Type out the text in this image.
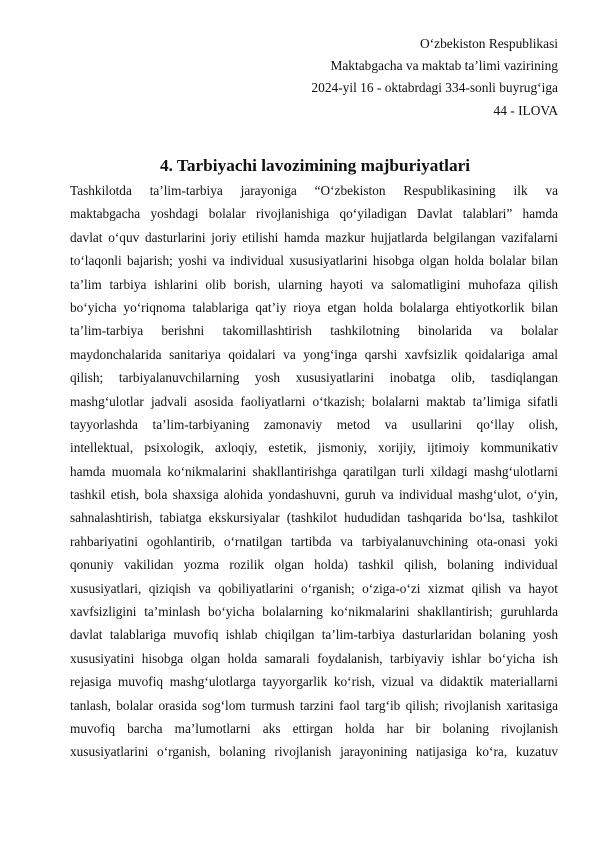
O‘zbekiston Respublikasi
Maktabgacha va maktab ta’limi vazirining
2024-yil 16 - oktabrdagi 334-sonli buyrug‘iga
44 - ILOVA
4. Tarbiyachi lavozimining majburiyatlari
Tashkilotda ta’lim-tarbiya jarayoniga “O‘zbekiston Respublikasining ilk va
maktabgacha yoshdagi bolalar rivojlanishiga qo‘yiladigan Davlat talablari” hamda
davlat o‘quv dasturlarini joriy etilishi hamda mazkur hujjatlarda belgilangan vazifalarni
to‘laqonli bajarish; yoshi va individual xususiyatlarini hisobga olgan holda bolalar bilan
ta’lim tarbiya ishlarini olib borish, ularning hayoti va salomatligini muhofaza qilish
bo‘yicha yo‘riqnoma talablariga qat’iy rioya etgan holda bolalarga ehtiyotkorlik bilan
ta’lim-tarbiya berishni takomillashtirish tashkilotning binolarida va bolalar
maydonchalarida sanitariya qoidalari va yong‘inga qarshi xavfsizlik qoidalariga amal
qilish; tarbiyalanuvchilarning yosh xususiyatlarini inobatga olib, tasdiqlangan
mashg‘ulotlar jadvali asosida faoliyatlarni o‘tkazish; bolalarni maktab ta’limiga sifatli
tayyorlashda ta’lim-tarbiyaning zamonaviy metod va usullarini qo‘llay olish,
intellektual, psixologik, axloqiy, estetik, jismoniy, xorijiy, ijtimoiy kommunikativ
hamda muomala ko‘nikmalarini shakllantirishga qaratilgan turli xildagi mashg‘ulotlarni
tashkil etish, bola shaxsiga alohida yondashuvni, guruh va individual mashg‘ulot, o‘yin,
sahnalashtirish, tabiatga ekskursiyalar (tashkilot hududidan tashqarida bo‘lsa, tashkilot
rahbariyatini ogohlantirib, o‘rnatilgan tartibda va tarbiyalanuvchining ota-onasi yoki
qonuniy vakilidan yozma rozilik olgan holda) tashkil qilish, bolaning individual
xususiyatlari, qiziqish va qobiliyatlarini o‘rganish; o‘ziga-o‘zi xizmat qilish va hayot
xavfsizligini ta’minlash bo‘yicha bolalarning ko‘nikmalarini shakllantirish; guruhlarda
davlat talablariga muvofiq ishlab chiqilgan ta’lim-tarbiya dasturlaridan bolaning yosh
xususiyatini hisobga olgan holda samarali foydalanish, tarbiyaviy ishlar bo‘yicha ish
rejasiga muvofiq mashg‘ulotlarga tayyorgarlik ko‘rish, vizual va didaktik materiallarni
tanlash, bolalar orasida sog‘lom turmush tarzini faol targ‘ib qilish; rivojlanish xaritasiga
muvofiq barcha ma’lumotlarni aks ettirgan holda har bir bolaning rivojlanish
xususiyatlarini o‘rganish, bolaning rivojlanish jarayonining natijasiga ko‘ra, kuzatuv
